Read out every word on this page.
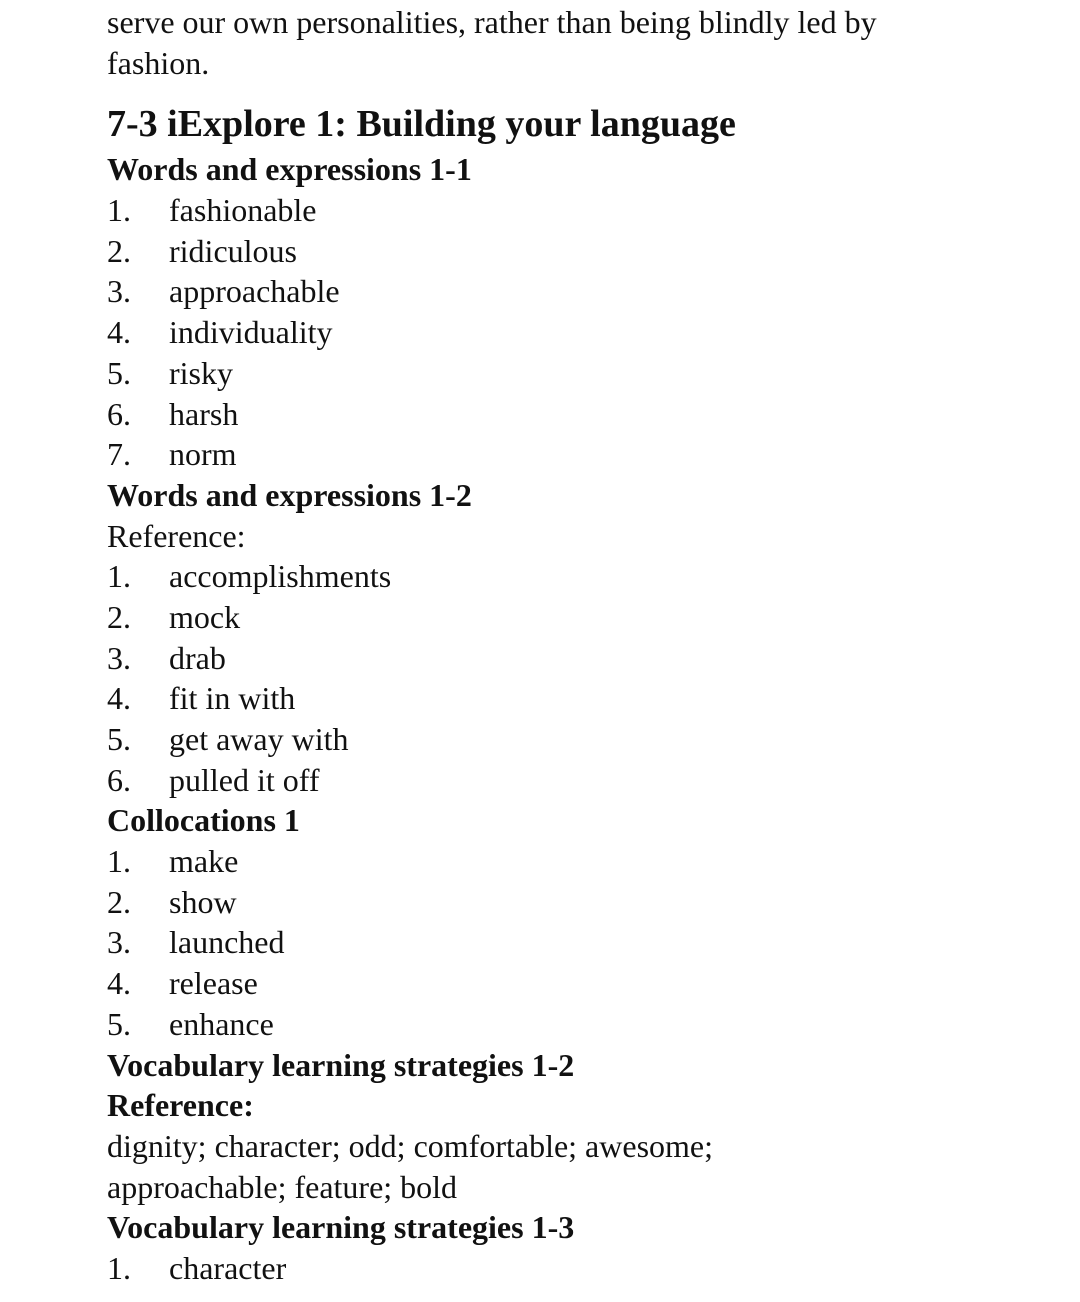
serve our own personalities, rather than being blindly led by
fashion.
7-3 iExplore 1: Building your language
Words and expressions 1-1
1.	fashionable
2.	ridiculous
3.	approachable
4.	individuality
5.	risky
6.	harsh
7.	norm
Words and expressions 1-2
Reference:
1.	accomplishments
2.	mock
3.	drab
4.	fit in with
5.	get away with
6.	pulled it off
Collocations 1
1.	make
2.	show
3.	launched
4.	release
5.	enhance
Vocabulary learning strategies 1-2
Reference:
dignity; character; odd; comfortable; awesome;
approachable; feature; bold
Vocabulary learning strategies 1-3
1.	character
